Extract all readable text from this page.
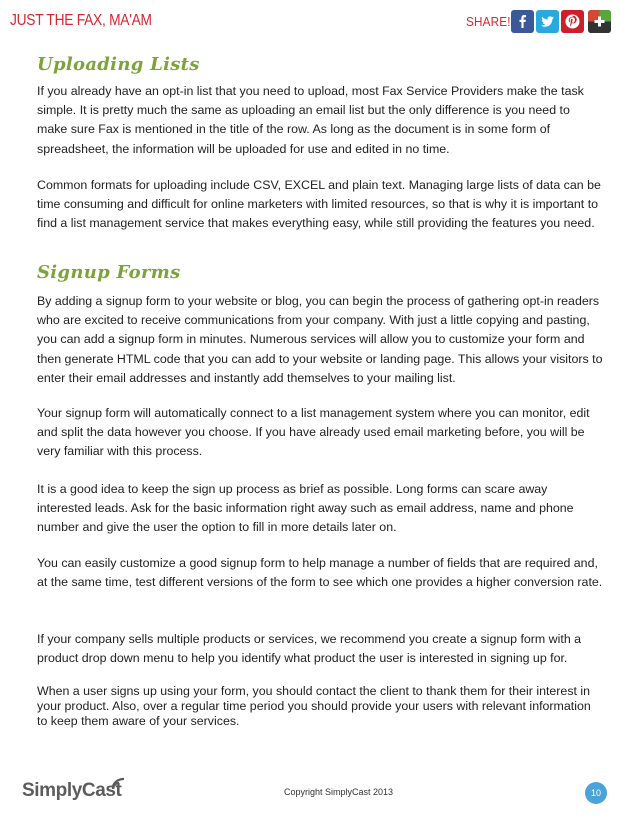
JUST THE FAX, MA'AM	SHARE!
Uploading Lists

If you already have an opt-in list that you need to upload, most Fax Service Providers make the task simple. It is pretty much the same as uploading an email list but the only difference is you need to make sure Fax is mentioned in the title of the row. As long as the document is in some form of spreadsheet, the information will be uploaded for use and edited in no time.

Common formats for uploading include CSV, EXCEL and plain text. Managing large lists of data can be time consuming and difficult for online marketers with limited resources, so that is why it is important to find a list management service that makes everything easy, while still providing the features you need.

Signup Forms

By adding a signup form to your website or blog, you can begin the process of gathering opt-in readers who are excited to receive communications from your company. With just a little copying and pasting, you can add a signup form in minutes. Numerous services will allow you to customize your form and then generate HTML code that you can add to your website or landing page. This allows your visitors to enter their email addresses and instantly add themselves to your mailing list.

Your signup form will automatically connect to a list management system where you can monitor, edit and split the data however you choose. If you have already used email marketing before, you will be very familiar with this process.

It is a good idea to keep the sign up process as brief as possible. Long forms can scare away interested leads. Ask for the basic information right away such as email address, name and phone number and give the user the option to fill in more details later on.

You can easily customize a good signup form to help manage a number of fields that are required and, at the same time, test different versions of the form to see which one provides a higher conversion rate.

If your company sells multiple products or services, we recommend you create a signup form with a product drop down menu to help you identify what product the user is interested in signing up for.

When a user signs up using your form, you should contact the client to thank them for their interest in your product. Also, over a regular time period you should provide your users with relevant information to keep them aware of your services.

SimplyCast	Copyright SimplyCast 2013	10
